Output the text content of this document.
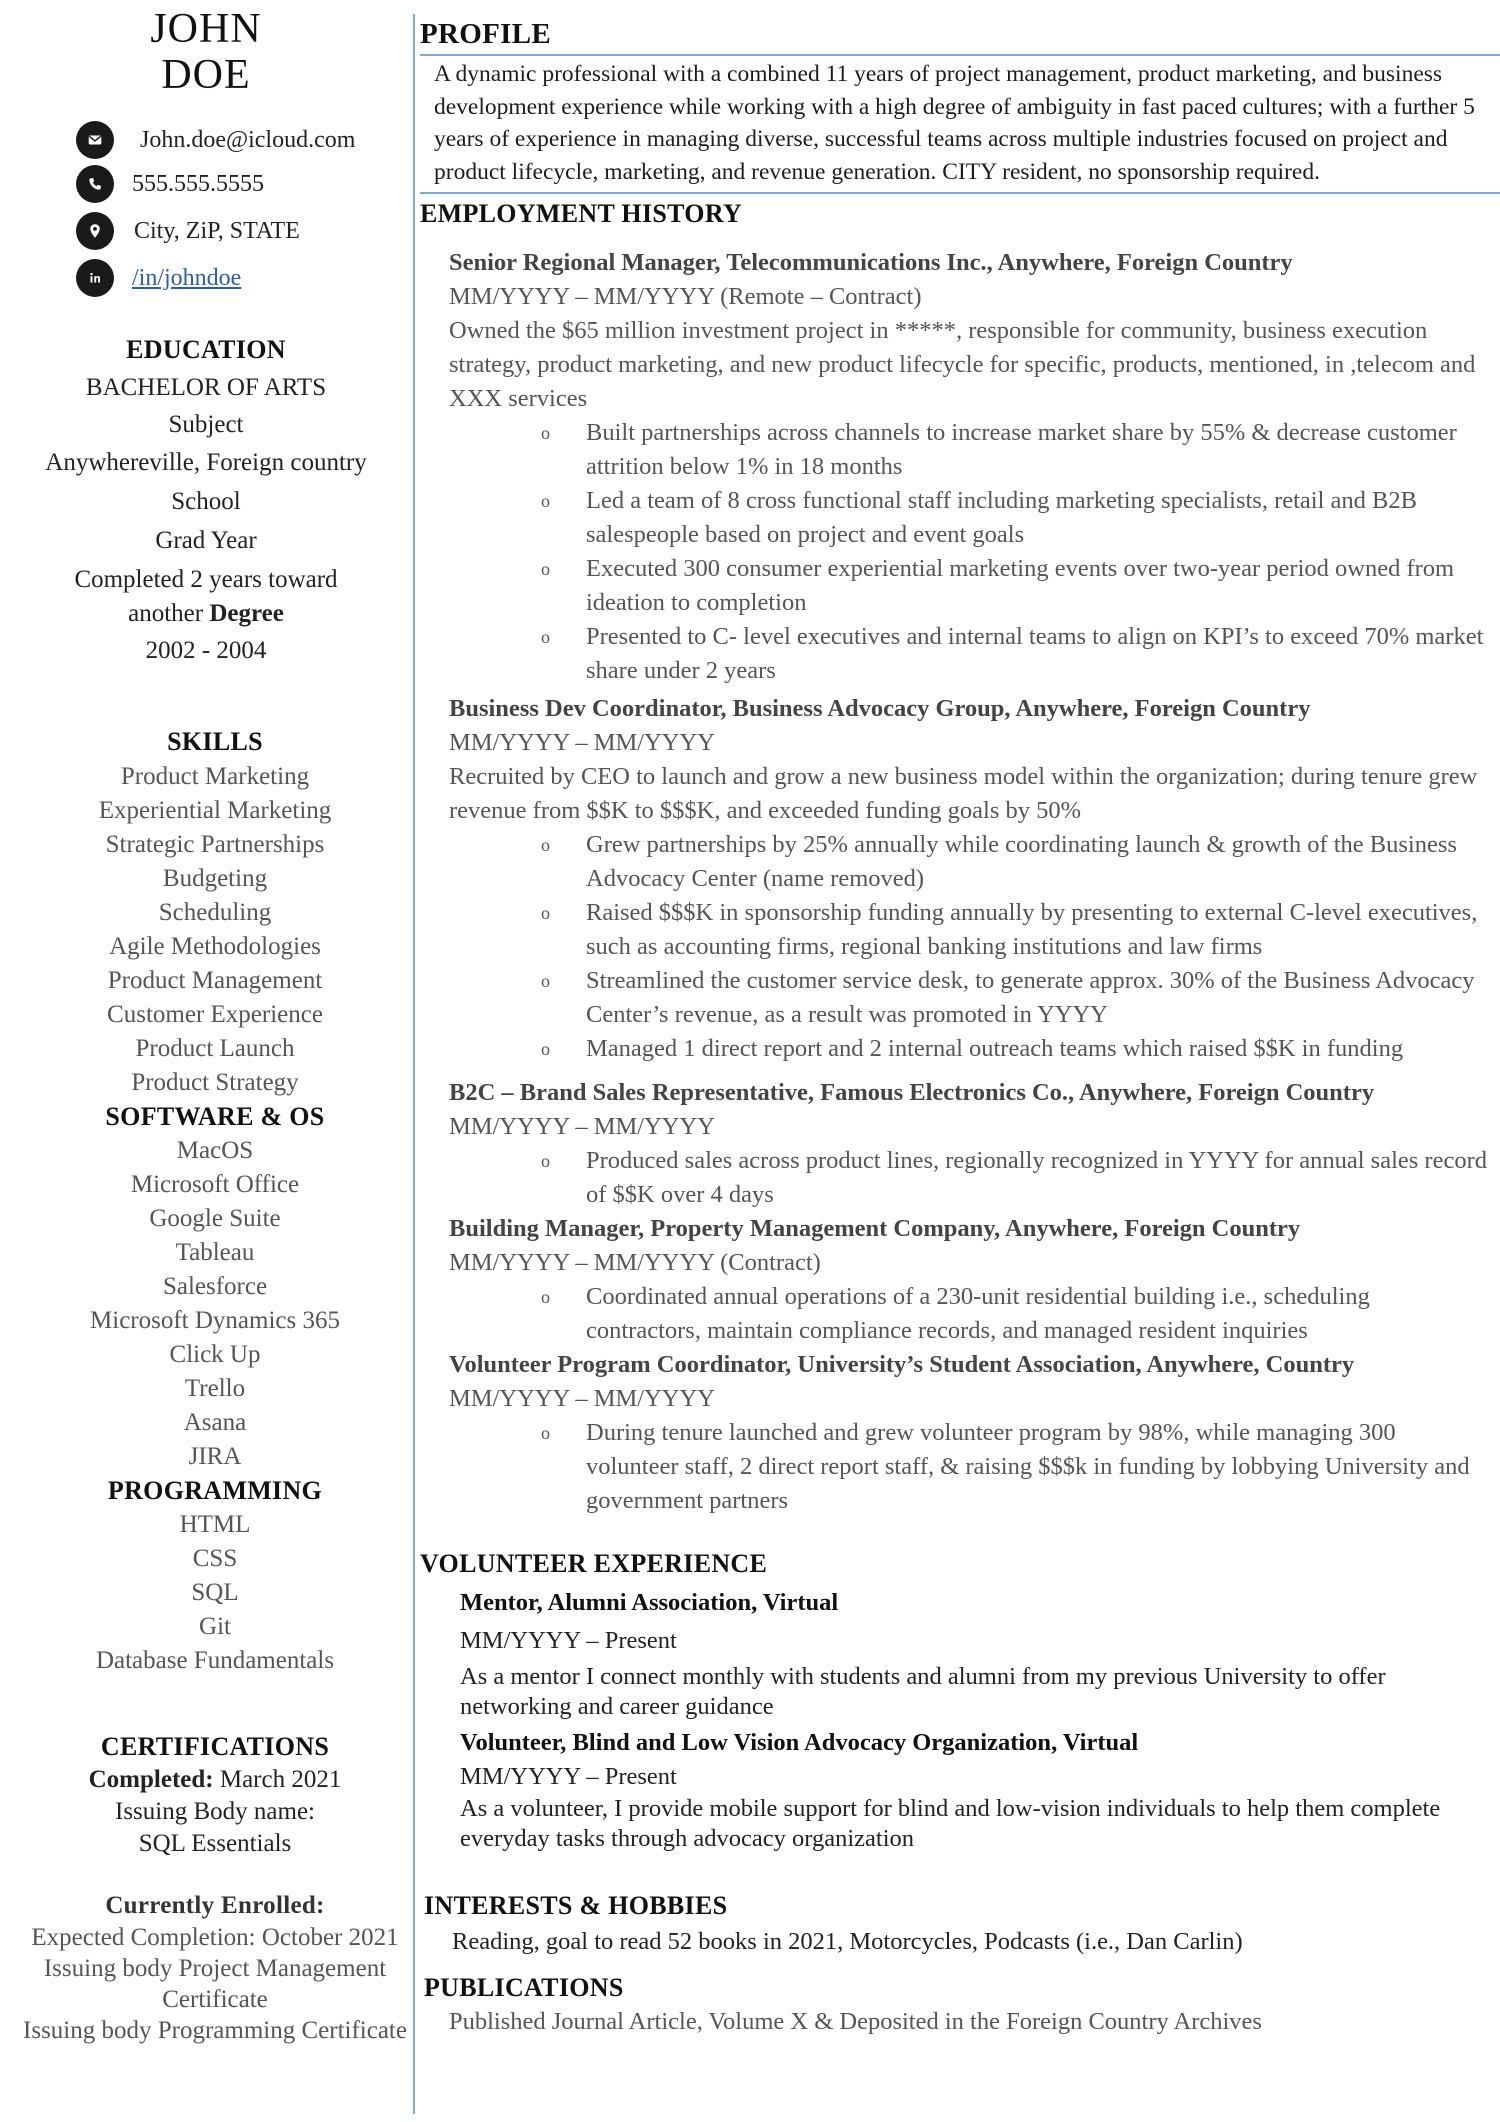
JOHN
DOE
John.doe@icloud.com
555.555.5555
City, ZiP, STATE
/in/johndoe
EDUCATION
BACHELOR OF ARTS
Subject
Anywhereville, Foreign country
School
Grad Year
Completed 2 years toward
another Degree
2002 - 2004
SKILLS
Product Marketing
Experiential Marketing
Strategic Partnerships
Budgeting
Scheduling
Agile Methodologies
Product Management
Customer Experience
Product Launch
Product Strategy
SOFTWARE & OS
MacOS
Microsoft Office
Google Suite
Tableau
Salesforce
Microsoft Dynamics 365
Click Up
Trello
Asana
JIRA
PROGRAMMING
HTML
CSS
SQL
Git
Database Fundamentals
CERTIFICATIONS
Completed: March 2021
Issuing Body name:
SQL Essentials
Currently Enrolled:
Expected Completion: October 2021
Issuing body Project Management
Certificate
Issuing body Programming Certificate
PROFILE
A dynamic professional with a combined 11 years of project management, product marketing, and business development experience while working with a high degree of ambiguity in fast paced cultures; with a further 5 years of experience in managing diverse, successful teams across multiple industries focused on project and product lifecycle, marketing, and revenue generation. CITY resident, no sponsorship required.
EMPLOYMENT HISTORY
Senior Regional Manager, Telecommunications Inc., Anywhere, Foreign Country
MM/YYYY – MM/YYYY (Remote – Contract)
Owned the $65 million investment project in *****, responsible for community, business execution strategy, product marketing, and new product lifecycle for specific, products, mentioned, in ,telecom and XXX services
o Built partnerships across channels to increase market share by 55% & decrease customer attrition below 1% in 18 months
o Led a team of 8 cross functional staff including marketing specialists, retail and B2B salespeople based on project and event goals
o Executed 300 consumer experiential marketing events over two-year period owned from ideation to completion
o Presented to C- level executives and internal teams to align on KPI’s to exceed 70% market share under 2 years
Business Dev Coordinator, Business Advocacy Group, Anywhere, Foreign Country
MM/YYYY – MM/YYYY
Recruited by CEO to launch and grow a new business model within the organization; during tenure grew revenue from $$K to $$$K, and exceeded funding goals by 50%
o Grew partnerships by 25% annually while coordinating launch & growth of the Business Advocacy Center (name removed)
o Raised $$$K in sponsorship funding annually by presenting to external C-level executives, such as accounting firms, regional banking institutions and law firms
o Streamlined the customer service desk, to generate approx. 30% of the Business Advocacy Center’s revenue, as a result was promoted in YYYY
o Managed 1 direct report and 2 internal outreach teams which raised $$K in funding
B2C – Brand Sales Representative, Famous Electronics Co., Anywhere, Foreign Country
MM/YYYY – MM/YYYY
o Produced sales across product lines, regionally recognized in YYYY for annual sales record of $$K over 4 days
Building Manager, Property Management Company, Anywhere, Foreign Country
MM/YYYY – MM/YYYY (Contract)
o Coordinated annual operations of a 230-unit residential building i.e., scheduling contractors, maintain compliance records, and managed resident inquiries
Volunteer Program Coordinator, University’s Student Association, Anywhere, Country
MM/YYYY – MM/YYYY
o During tenure launched and grew volunteer program by 98%, while managing 300 volunteer staff, 2 direct report staff, & raising $$$k in funding by lobbying University and government partners
VOLUNTEER EXPERIENCE
Mentor, Alumni Association, Virtual
MM/YYYY – Present
As a mentor I connect monthly with students and alumni from my previous University to offer networking and career guidance
Volunteer, Blind and Low Vision Advocacy Organization, Virtual
MM/YYYY – Present
As a volunteer, I provide mobile support for blind and low-vision individuals to help them complete everyday tasks through advocacy organization
INTERESTS & HOBBIES
Reading, goal to read 52 books in 2021, Motorcycles, Podcasts (i.e., Dan Carlin)
PUBLICATIONS
Published Journal Article, Volume X & Deposited in the Foreign Country Archives
